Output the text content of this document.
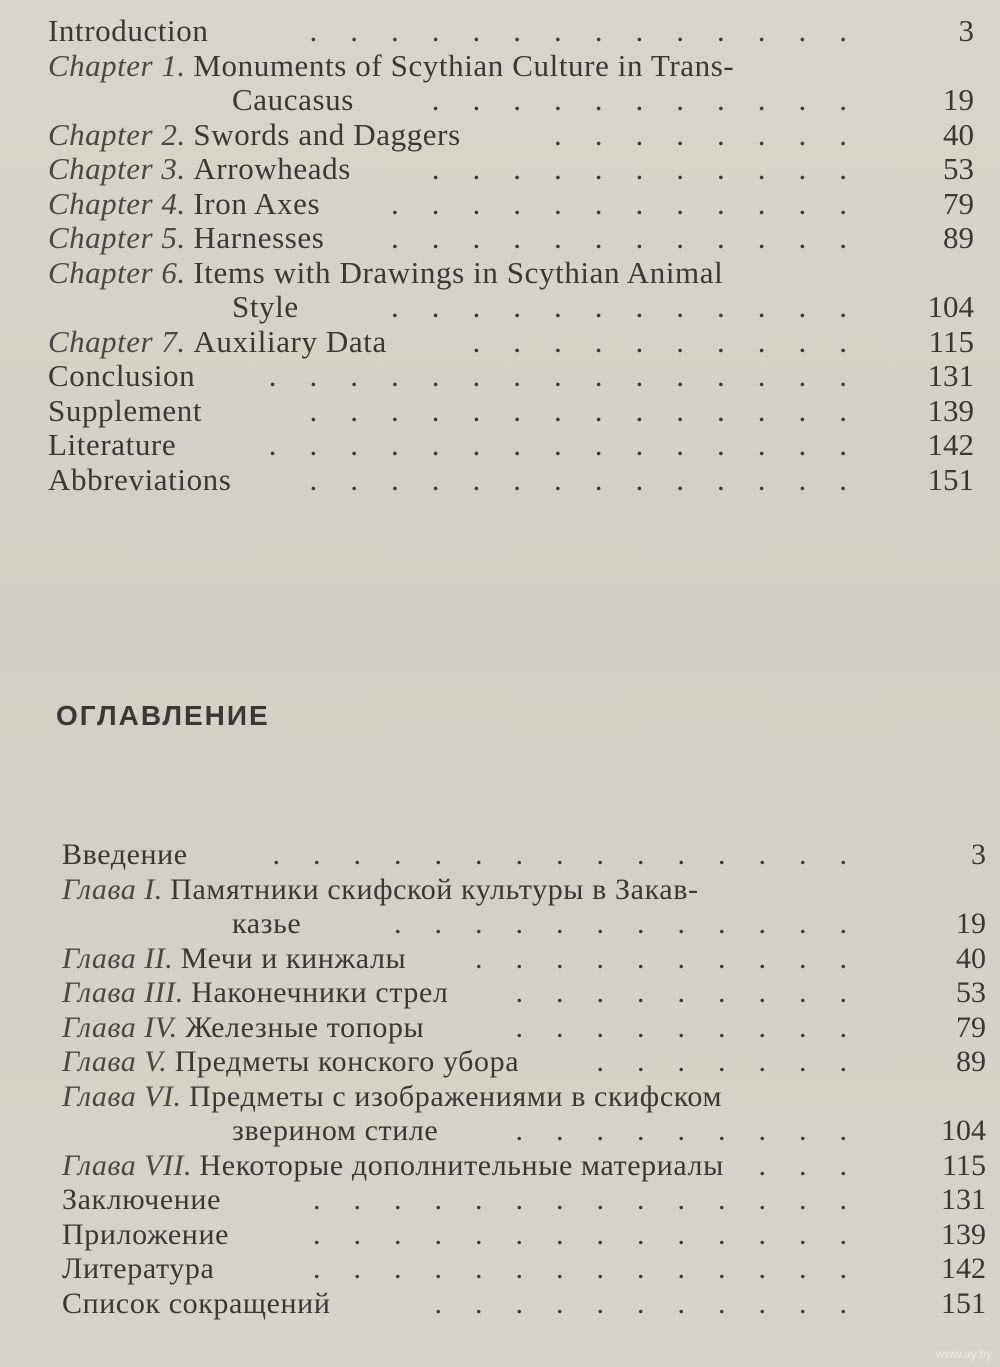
Introduction	..............	3
Chapter 1. Monuments of Scythian Culture in Trans-
Caucasus	...........	19
Chapter 2. Swords and Daggers	........	40
Chapter 3. Arrowheads	...........	53
Chapter 4. Iron Axes ............	79
Chapter 5. Harnesses ............	89
Chapter 6. Items with Drawings in Scythian Animal
Style	............	104
Chapter 7. Auxiliary Data	..........	115
Conclusion ...............	131
Supplement	..............	139
Literature	...............	142
Abbreviations	..............	151
ОГЛАВЛЕНИЕ
Введение	...............	3
Глава I. Памятники скифской культуры в Закав-
казье	............	19
Глава II. Мечи и кинжалы ..........	40
Глава III. Наконечники стрел .........	53
Глава IV. Железные топоры	.........	79
Глава V. Предметы конского убора	.......	89
Глава VI. Предметы с изображениями в скифском
зверином стиле	.........	104
Глава VII. Некоторые дополнительные материалы ...	115
Заключение	..............	131
Приложение	..............	139
Литература	..............	142
Список сокращений	...........	151
www.ay.by
